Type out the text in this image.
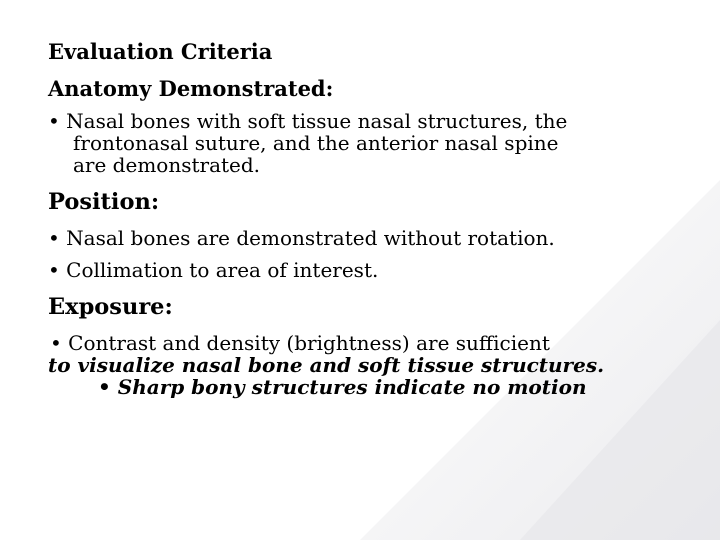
Evaluation Criteria
Anatomy Demonstrated:
• Nasal bones with soft tissue nasal structures, the
frontonasal suture, and the anterior nasal spine
are demonstrated.
Position:
• Nasal bones are demonstrated without rotation.
• Collimation to area of interest.
Exposure:
• Contrast and density (brightness) are sufficient
to visualize nasal bone and soft tissue structures.
• Sharp bony structures indicate no motion
